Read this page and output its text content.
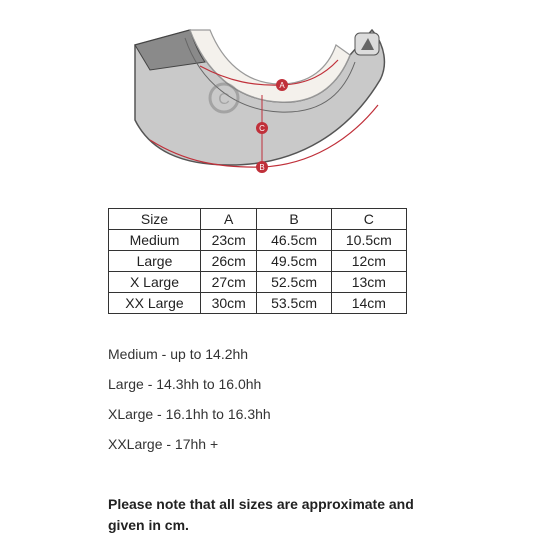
C
A
C
B
Size	A	B	C
Medium	23cm	46.5cm	10.5cm
Large	26cm	49.5cm	12cm
X Large	27cm	52.5cm	13cm
XX Large	30cm	53.5cm	14cm

Medium - up to 14.2hh

Large - 14.3hh to 16.0hh

XLarge - 16.1hh to 16.3hh

XXLarge - 17hh +

Please note that all sizes are approximate and given in cm.
